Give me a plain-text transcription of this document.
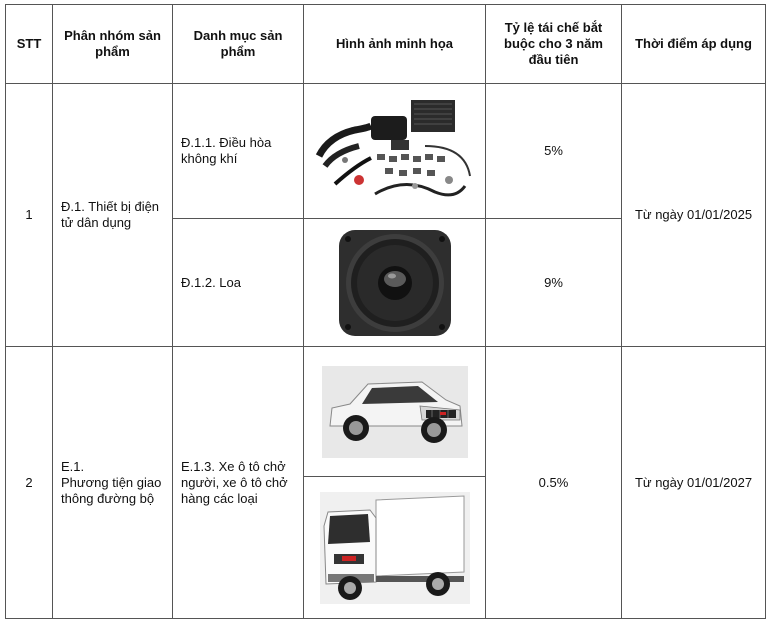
STT	Phân nhóm sản phẩm	Danh mục sản phẩm	Hình ảnh minh họa	Tỷ lệ tái chế bắt buộc cho 3 năm đầu tiên	Thời điểm áp dụng
1	Đ.1. Thiết bị điện tử dân dụng	Đ.1.1. Điều hòa không khí		5%	Từ ngày 01/01/2025
		Đ.1.2. Loa		9%	
2	E.1.
Phương tiện giao thông đường bộ	E.1.3. Xe ô tô chở người, xe ô tô chở hàng các loại		0.5%	Từ ngày 01/01/2027
